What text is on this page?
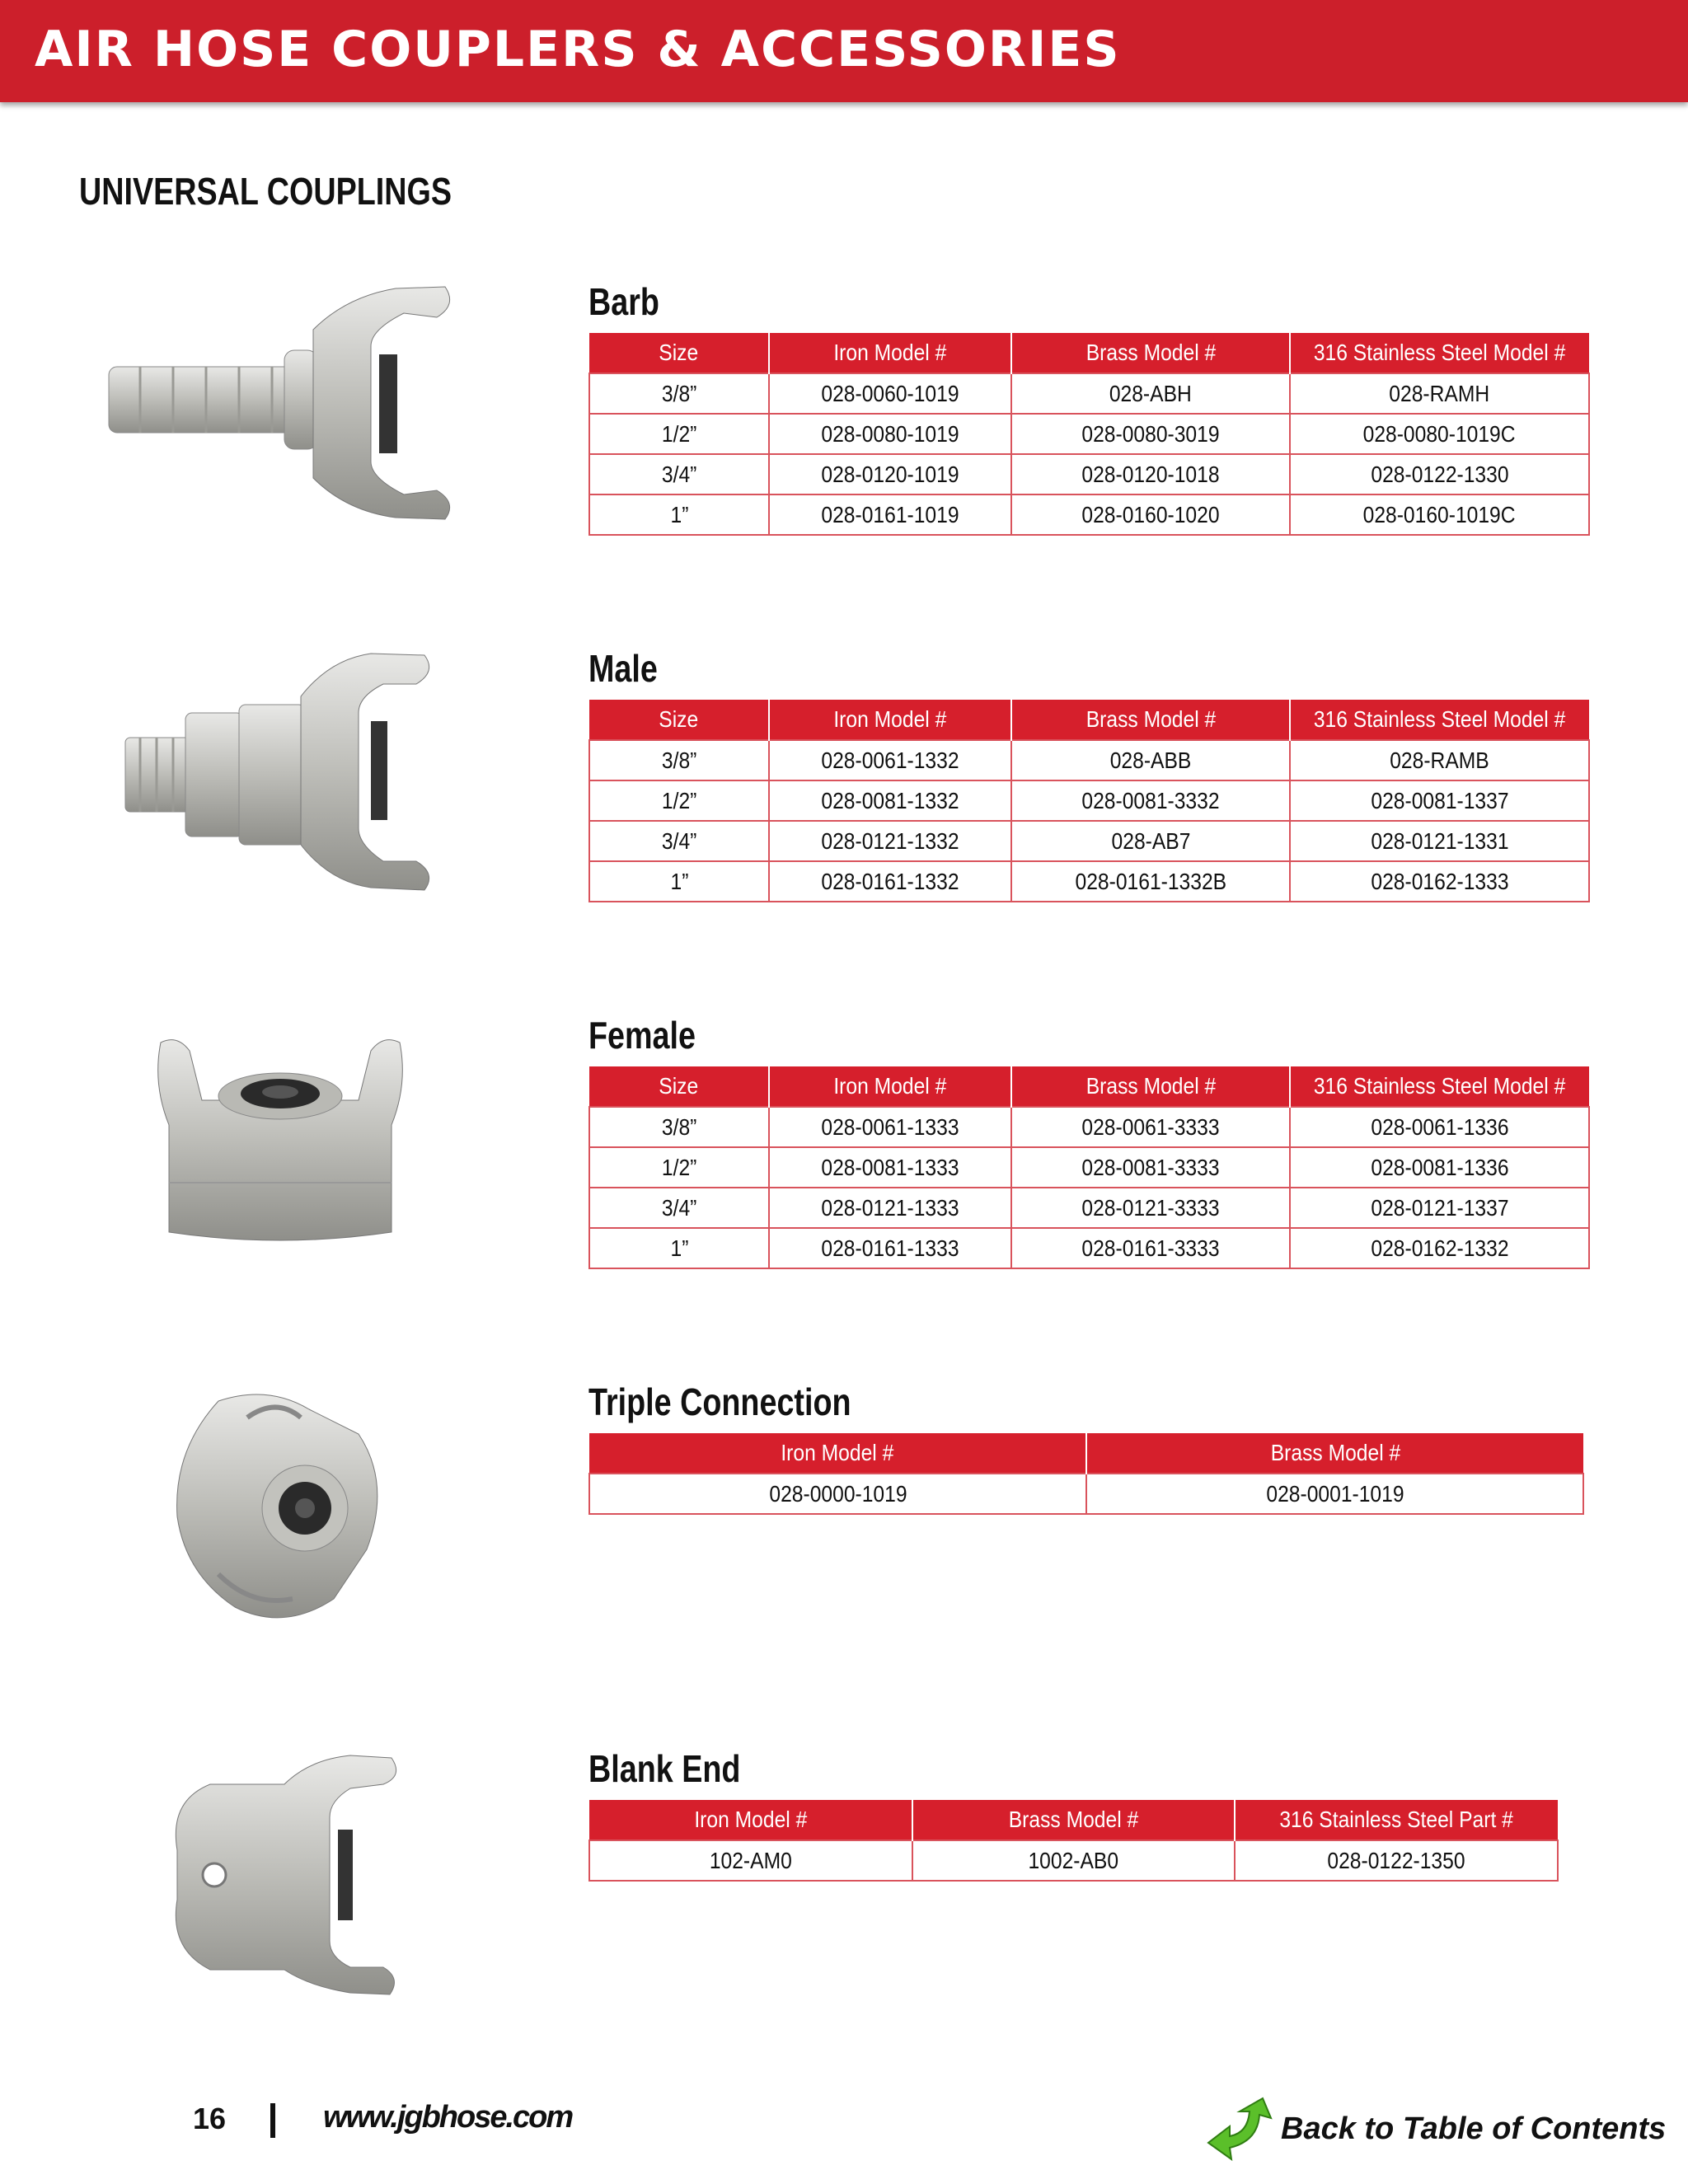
AIR HOSE COUPLERS & ACCESSORIES
UNIVERSAL COUPLINGS
Barb
Size	Iron Model #	Brass Model #	316 Stainless Steel Model #
3/8”	028-0060-1019	028-ABH	028-RAMH
1/2”	028-0080-1019	028-0080-3019	028-0080-1019C
3/4”	028-0120-1019	028-0120-1018	028-0122-1330
1”	028-0161-1019	028-0160-1020	028-0160-1019C
Male
Size	Iron Model #	Brass Model #	316 Stainless Steel Model #
3/8”	028-0061-1332	028-ABB	028-RAMB
1/2”	028-0081-1332	028-0081-3332	028-0081-1337
3/4”	028-0121-1332	028-AB7	028-0121-1331
1”	028-0161-1332	028-0161-1332B	028-0162-1333
Female
Size	Iron Model #	Brass Model #	316 Stainless Steel Model #
3/8”	028-0061-1333	028-0061-3333	028-0061-1336
1/2”	028-0081-1333	028-0081-3333	028-0081-1336
3/4”	028-0121-1333	028-0121-3333	028-0121-1337
1”	028-0161-1333	028-0161-3333	028-0162-1332
Triple Connection
Iron Model #	Brass Model #
028-0000-1019	028-0001-1019
Blank End
Iron Model #	Brass Model #	316 Stainless Steel Part #
102-AM0	1002-AB0	028-0122-1350
16	www.jgbhose.com	Back to Table of Contents
